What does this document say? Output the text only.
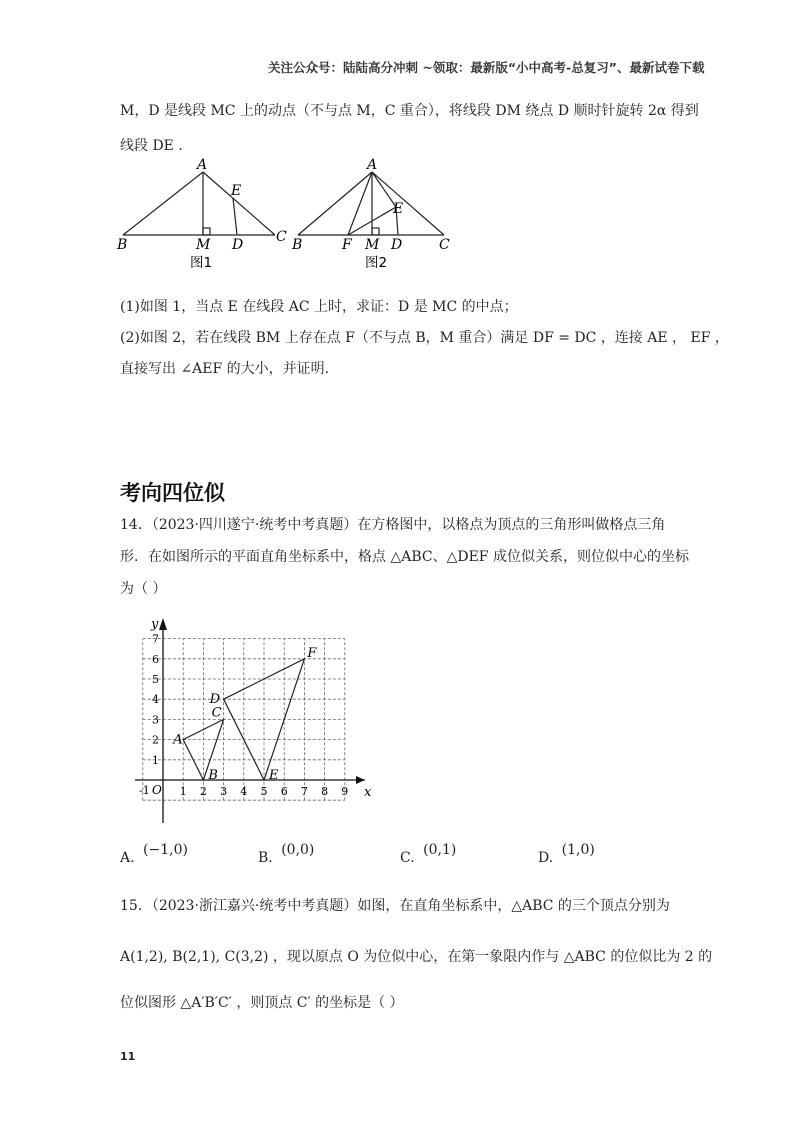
关注公众号：陆陆高分冲刺 ~领取：最新版“小中高考-总复习”、最新试卷下载
M，D 是线段 MC 上的动点（不与点 M，C 重合），将线段 DM 绕点 D 顺时针旋转 2α 得到
线段 DE .
A
E
B	M D C
图1
A
E
B	F M D	C
图2
(1)如图 1，当点 E 在线段 AC 上时，求证：D 是 MC 的中点；
(2)如图 2，若在线段 BM 上存在点 F（不与点 B，M 重合）满足 DF = DC ，连接 AE ， EF ，
直接写出 ∠AEF 的大小，并证明.
考向四位似
14．（2023·四川遂宁·统考中考真题）在方格图中，以格点为顶点的三角形叫做格点三角
形．在如图所示的平面直角坐标系中，格点 △ABC、△DEF 成位似关系，则位似中心的坐标
为（ ）
1 2 3 4 5 6 7 8 9
1
2
3
4
5
6
7
A
B
C
D
E
F
x
y
O
-1
A. (−1,0)	B. (0,0)	C. (0,1)	D. (1,0)
15．（2023·浙江嘉兴·统考中考真题）如图，在直角坐标系中，△ABC 的三个顶点分别为
A(1,2), B(2,1), C(3,2) ，现以原点 O 为位似中心，在第一象限内作与 △ABC 的位似比为 2 的
位似图形 △A′B′C′ ，则顶点 C′ 的坐标是（ ）
11
